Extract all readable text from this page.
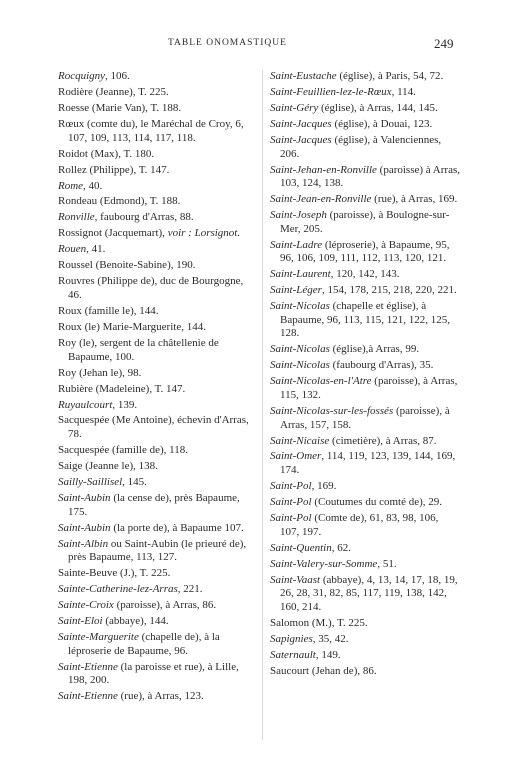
TABLE ONOMASTIQUE	249
Rocquigny, 106.
Rodière (Jeanne), T. 225.
Roesse (Marie Van), T. 188.
Rœux (comte du), le Maréchal de Croy, 6, 107, 109, 113, 114, 117, 118.
Roidot (Max), T. 180.
Rollez (Philippe), T. 147.
Rome, 40.
Rondeau (Edmond), T. 188.
Ronville, faubourg d'Arras, 88.
Rossignot (Jacquemart), voir : Lorsignot.
Rouen, 41.
Roussel (Benoite-Sabine), 190.
Rouvres (Philippe de), duc de Bourgogne, 46.
Roux (famille le), 144.
Roux (le) Marie-Marguerite, 144.
Roy (le), sergent de la châtellenie de Bapaume, 100.
Roy (Jehan le), 98.
Rubière (Madeleine), T. 147.
Ruyaulcourt, 139.
Sacquespée (Me Antoine), échevin d'Arras, 78.
Sacquespée (famille de), 118.
Saige (Jeanne le), 138.
Sailly-Saillisel, 145.
Saint-Aubin (la cense de), près Bapaume, 175.
Saint-Aubin (la porte de), à Bapaume 107.
Saint-Albin ou Saint-Aubin (le prieuré de), près Bapaume, 113, 127.
Sainte-Beuve (J.), T. 225.
Sainte-Catherine-lez-Arras, 221.
Sainte-Croix (paroisse), à Arras, 86.
Saint-Eloi (abbaye), 144.
Sainte-Marguerite (chapelle de), à la léproserie de Bapaume, 96.
Saint-Etienne (la paroisse et rue), à Lille, 198, 200.
Saint-Etienne (rue), à Arras, 123.
Saint-Eustache (église), à Paris, 54, 72.
Saint-Feuillien-lez-le-Rœux, 114.
Saint-Géry (église), à Arras, 144, 145.
Saint-Jacques (église), à Douai, 123.
Saint-Jacques (église), à Valenciennes, 206.
Saint-Jehan-en-Ronville (paroisse) à Arras, 103, 124, 138.
Saint-Jean-en-Ronville (rue), à Arras, 169.
Saint-Joseph (paroisse), à Boulogne-sur-Mer, 205.
Saint-Ladre (léproserie), à Bapaume, 95, 96, 106, 109, 111, 112, 113, 120, 121.
Saint-Laurent, 120, 142, 143.
Saint-Léger, 154, 178, 215, 218, 220, 221.
Saint-Nicolas (chapelle et église), à Bapaume, 96, 113, 115, 121, 122, 125, 128.
Saint-Nicolas (église),à Arras, 99.
Saint-Nicolas (faubourg d'Arras), 35.
Saint-Nicolas-en-l'Atre (paroisse), à Arras, 115, 132.
Saint-Nicolas-sur-les-fossés (paroisse), à Arras, 157, 158.
Saint-Nicaise (cimetière), à Arras, 87.
Saint-Omer, 114, 119, 123, 139, 144, 169, 174.
Saint-Pol, 169.
Saint-Pol (Coutumes du comté de), 29.
Saint-Pol (Comte de), 61, 83, 98, 106, 107, 197.
Saint-Quentin, 62.
Saint-Valery-sur-Somme, 51.
Saint-Vaast (abbaye), 4, 13, 14, 17, 18, 19, 26, 28, 31, 82, 85, 117, 119, 138, 142, 160, 214.
Salomon (M.), T. 225.
Sapignies, 35, 42.
Saternault, 149.
Saucourt (Jehan de), 86.
